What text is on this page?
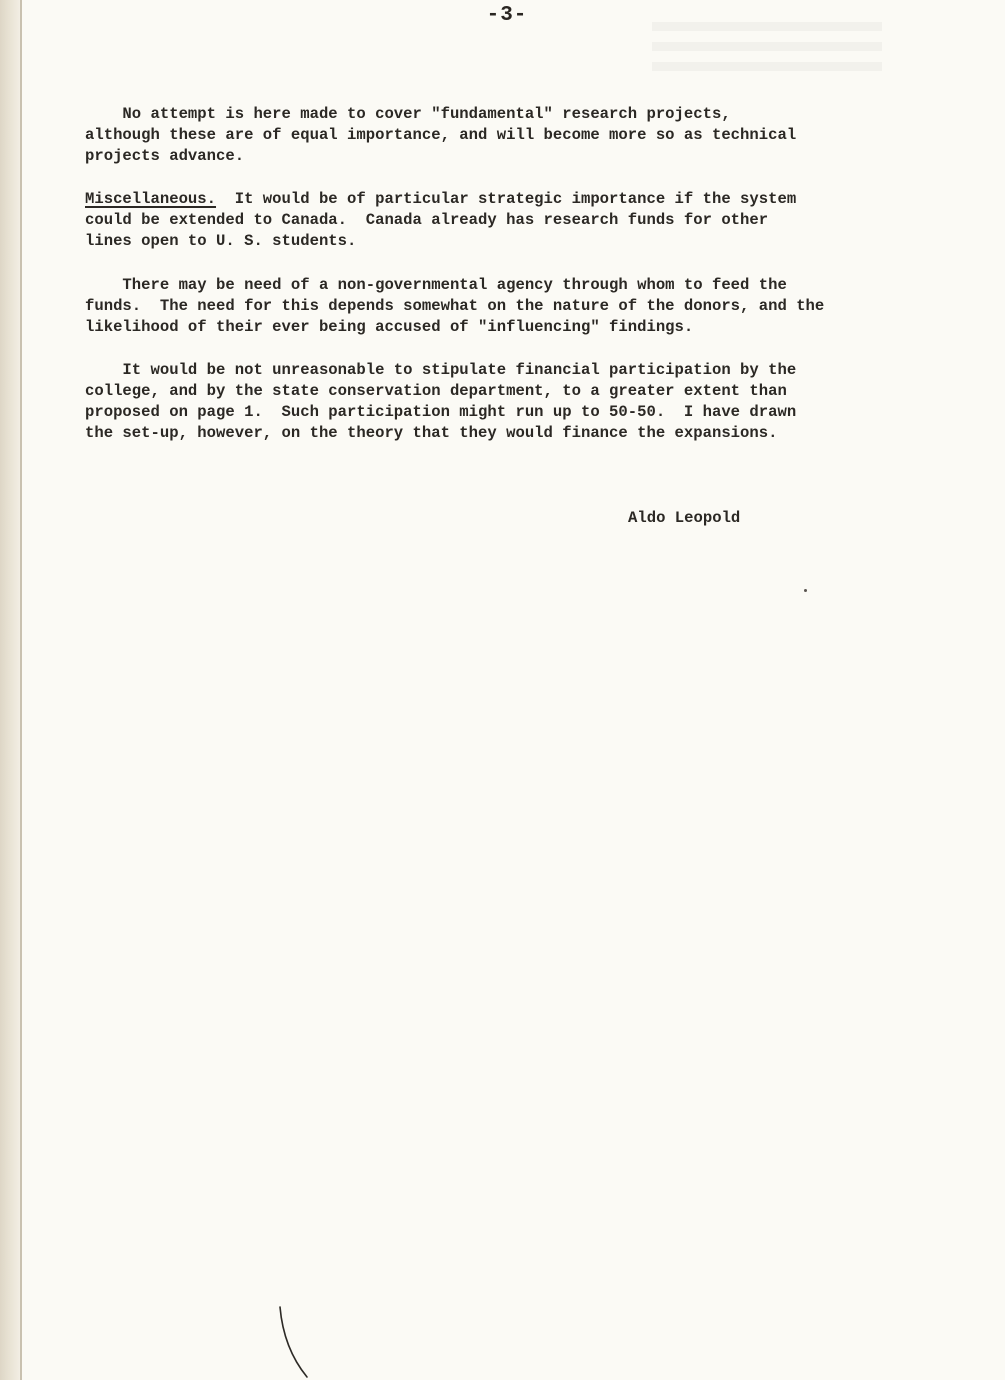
-3-

No attempt is here made to cover "fundamental" research projects,
although these are of equal importance, and will become more so as technical
projects advance.

Miscellaneous.  It would be of particular strategic importance if the system
could be extended to Canada.  Canada already has research funds for other
lines open to U. S. students.

There may be need of a non-governmental agency through whom to feed the
funds.  The need for this depends somewhat on the nature of the donors, and the
likelihood of their ever being accused of "influencing" findings.

It would be not unreasonable to stipulate financial participation by the
college, and by the state conservation department, to a greater extent than
proposed on page 1.  Such participation might run up to 50-50.  I have drawn
the set-up, however, on the theory that they would finance the expansions.

Aldo Leopold
